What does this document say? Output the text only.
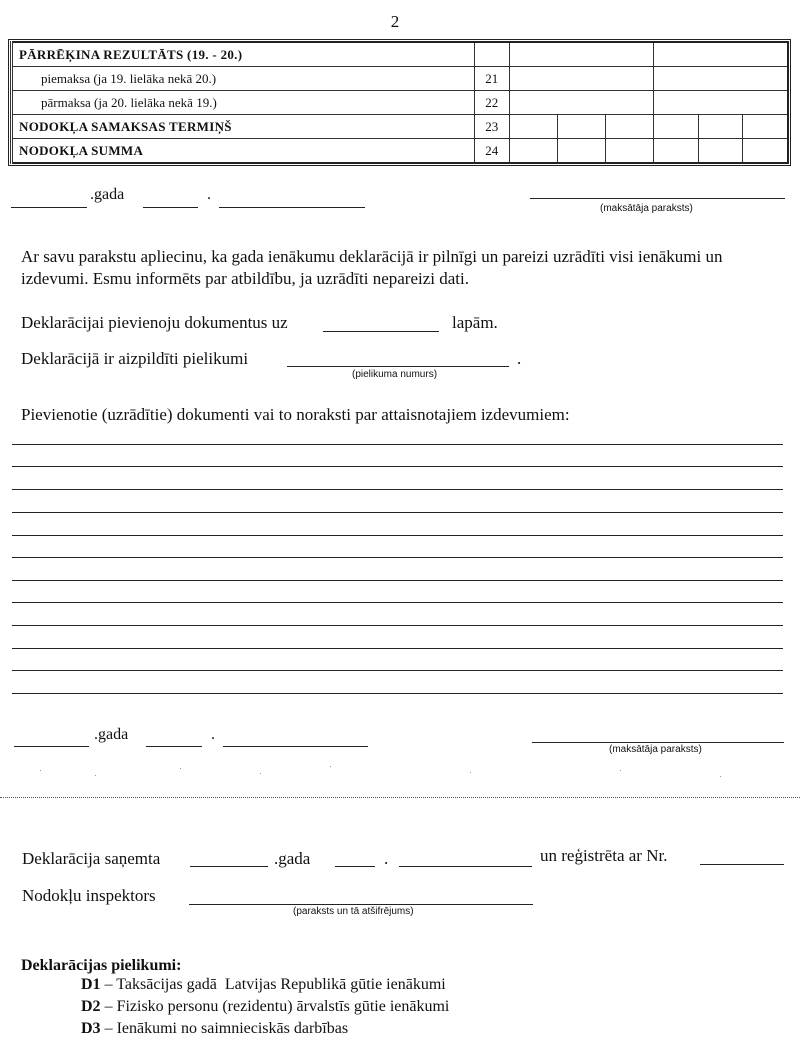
2
PĀRRĒĶINA REZULTĀTS (19. - 20.)							
piemaksa (ja 19. lielāka nekā 20.)	21						
pārmaksa (ja 20. lielāka nekā 19.)	22						
NODOKĻA SAMAKSAS TERMIŅŠ	23						
NODOKĻA SUMMA	24						
.gada	.
(maksātāja paraksts)
Ar savu parakstu apliecinu, ka gada ienākumu deklarācijā ir pilnīgi un pareizi uzrādīti visi ienākumi un izdevumi. Esmu informēts par atbildību, ja uzrādīti nepareizi dati.
Deklarācijai pievienoju dokumentus uz	lapām.
Deklarācijā ir aizpildīti pielikumi	.
(pielikuma numurs)
Pievienotie (uzrādītie) dokumenti vai to noraksti par attaisnotajiem izdevumiem:
.gada	.
(maksātāja paraksts)
Deklarācija saņemta	.gada	.	un reģistrēta ar Nr.
Nodokļu inspektors
(paraksts un tā atšifrējums)
Deklarācijas pielikumi:
D1 – Taksācijas gadā  Latvijas Republikā gūtie ienākumi
D2 – Fizisko personu (rezidentu) ārvalstīs gūtie ienākumi
D3 – Ienākumi no saimnieciskās darbības
